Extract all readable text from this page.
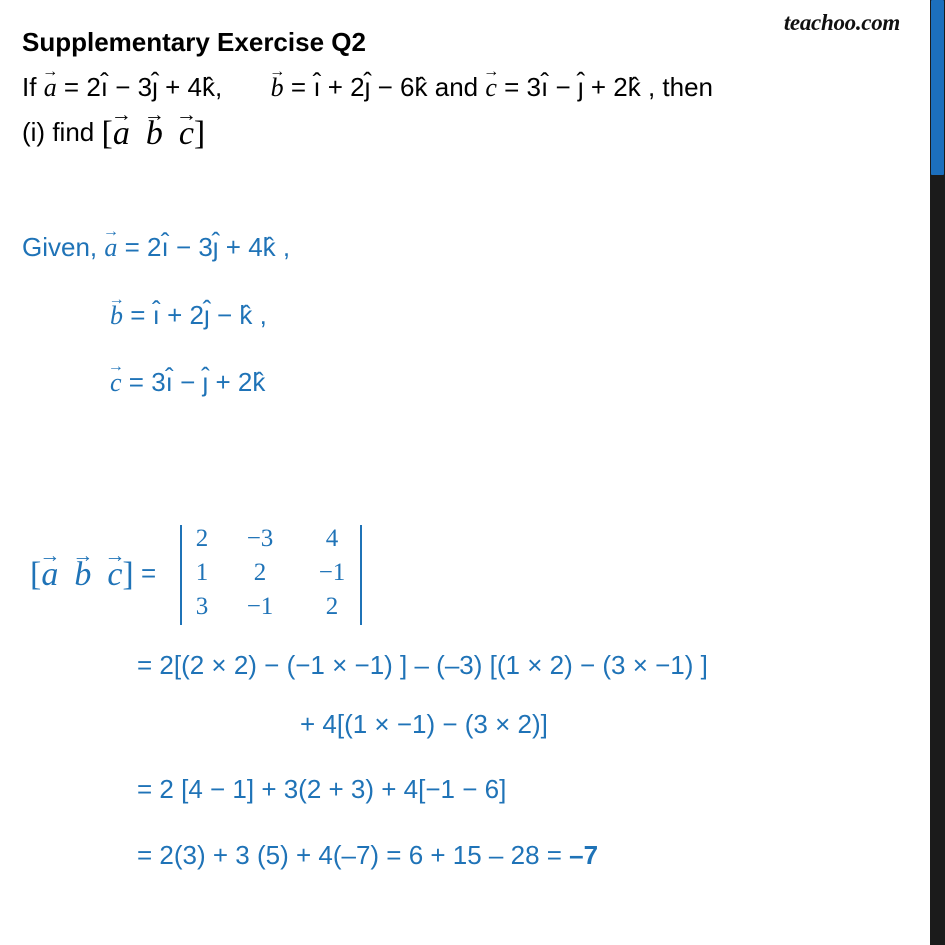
teachoo.com
Supplementary Exercise Q2
If → a = 2ı̂ − 3ȷ̂ + 4k̂, → b = ı̂ + 2ȷ̂ − 6k̂ and → c = 3ı̂ − ȷ̂ + 2k̂ , then
(i) find [→ a → b → c]
Given, → a = 2ı̂ − 3ȷ̂ + 4k̂ ,
→ b = ı̂ + 2ȷ̂ − k̂ ,
→ c = 3ı̂ − ȷ̂ + 2k̂
[→ a → b → c] =
2	−3	4
1	2	−1
3	−1	2
= 2[(2 × 2) − (−1 × −1) ] – (–3) [(1 × 2) − (3 × −1) ]
+ 4[(1 × −1) − (3 × 2)]
= 2 [4 − 1] + 3(2 + 3) + 4[−1 − 6]
= 2(3) + 3 (5) + 4(–7) = 6 + 15 – 28 = –7
